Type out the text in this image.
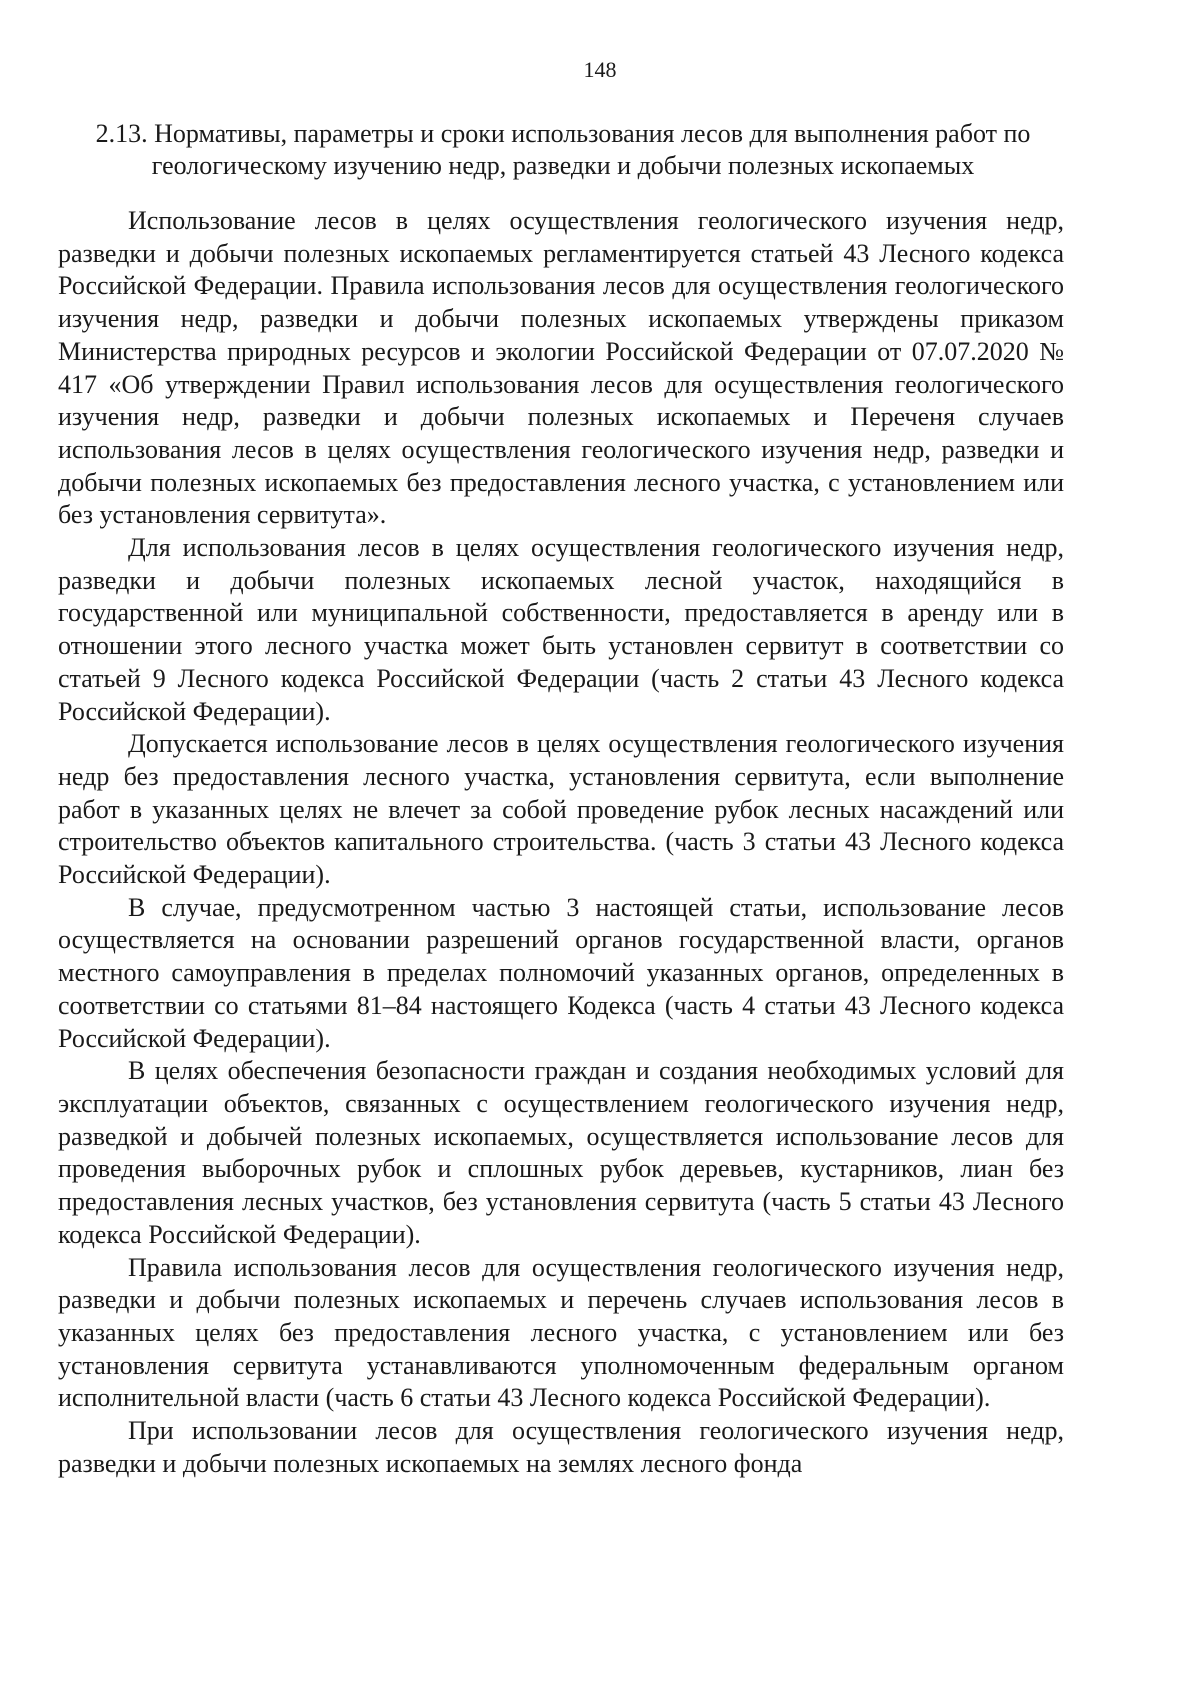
148
2.13. Нормативы, параметры и сроки использования лесов для выполнения работ по геологическому изучению недр, разведки и добычи полезных ископаемых

Использование лесов в целях осуществления геологического изучения недр, разведки и добычи полезных ископаемых регламентируется статьей 43 Лесного кодекса Российской Федерации. Правила использования лесов для осуществления геологического изучения недр, разведки и добычи полезных ископаемых утверждены приказом Министерства природных ресурсов и экологии Российской Федерации от 07.07.2020 № 417 «Об утверждении Правил использования лесов для осуществления геологического изучения недр, разведки и добычи полезных ископаемых и Переченя случаев использования лесов в целях осуществления геологического изучения недр, разведки и добычи полезных ископаемых без предоставления лесного участка, с установлением или без установления сервитута».

Для использования лесов в целях осуществления геологического изучения недр, разведки и добычи полезных ископаемых лесной участок, находящийся в государственной или муниципальной собственности, предоставляется в аренду или в отношении этого лесного участка может быть установлен сервитут в соответствии со статьей 9 Лесного кодекса Российской Федерации (часть 2 статьи 43 Лесного кодекса Российской Федерации).

Допускается использование лесов в целях осуществления геологического изучения недр без предоставления лесного участка, установления сервитута, если выполнение работ в указанных целях не влечет за собой проведение рубок лесных насаждений или строительство объектов капитального строительства. (часть 3 статьи 43 Лесного кодекса Российской Федерации).

В случае, предусмотренном частью 3 настоящей статьи, использование лесов осуществляется на основании разрешений органов государственной власти, органов местного самоуправления в пределах полномочий указанных органов, определенных в соответствии со статьями 81–84 настоящего Кодекса (часть 4 статьи 43 Лесного кодекса Российской Федерации).

В целях обеспечения безопасности граждан и создания необходимых условий для эксплуатации объектов, связанных с осуществлением геологического изучения недр, разведкой и добычей полезных ископаемых, осуществляется использование лесов для проведения выборочных рубок и сплошных рубок деревьев, кустарников, лиан без предоставления лесных участков, без установления сервитута (часть 5 статьи 43 Лесного кодекса Российской Федерации).

Правила использования лесов для осуществления геологического изучения недр, разведки и добычи полезных ископаемых и перечень случаев использования лесов в указанных целях без предоставления лесного участка, с установлением или без установления сервитута устанавливаются уполномоченным федеральным органом исполнительной власти (часть 6 статьи 43 Лесного кодекса Российской Федерации).

При использовании лесов для осуществления геологического изучения недр, разведки и добычи полезных ископаемых на землях лесного фонда
